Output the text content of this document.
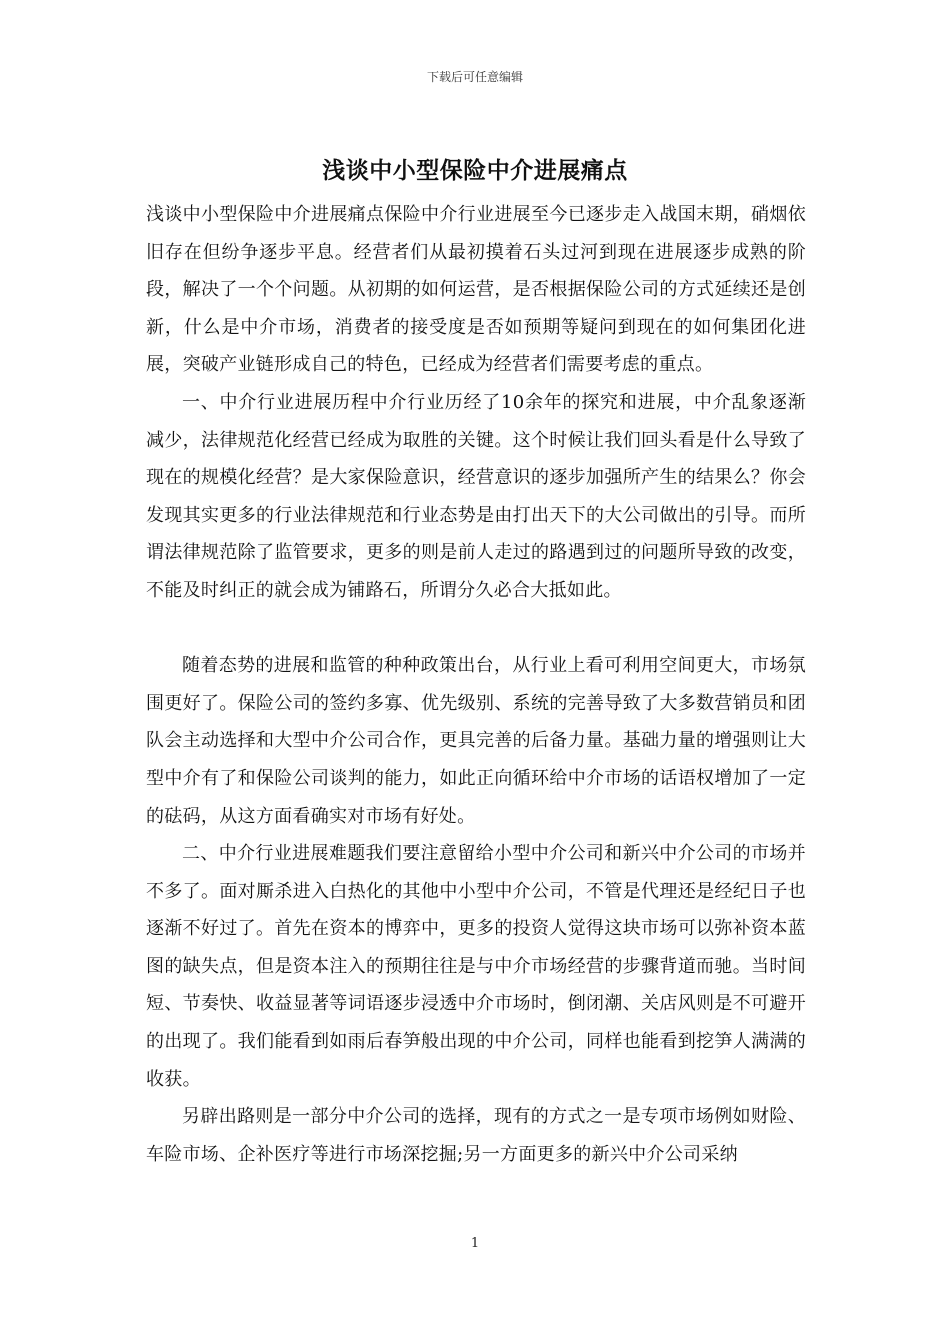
下载后可任意编辑
浅谈中小型保险中介进展痛点

浅谈中小型保险中介进展痛点保险中介行业进展至今已逐步走入战国末期，硝烟依旧存在但纷争逐步平息。经营者们从最初摸着石头过河到现在进展逐步成熟的阶段，解决了一个个问题。从初期的如何运营，是否根据保险公司的方式延续还是创新，什么是中介市场，消费者的接受度是否如预期等疑问到现在的如何集团化进展，突破产业链形成自己的特色，已经成为经营者们需要考虑的重点。

一、中介行业进展历程中介行业历经了10余年的探究和进展，中介乱象逐渐减少，法律规范化经营已经成为取胜的关键。这个时候让我们回头看是什么导致了现在的规模化经营？是大家保险意识，经营意识的逐步加强所产生的结果么？你会发现其实更多的行业法律规范和行业态势是由打出天下的大公司做出的引导。而所谓法律规范除了监管要求，更多的则是前人走过的路遇到过的问题所导致的改变，不能及时纠正的就会成为铺路石，所谓分久必合大抵如此。

随着态势的进展和监管的种种政策出台，从行业上看可利用空间更大，市场氛围更好了。保险公司的签约多寡、优先级别、系统的完善导致了大多数营销员和团队会主动选择和大型中介公司合作，更具完善的后备力量。基础力量的增强则让大型中介有了和保险公司谈判的能力，如此正向循环给中介市场的话语权增加了一定的砝码，从这方面看确实对市场有好处。

二、中介行业进展难题我们要注意留给小型中介公司和新兴中介公司的市场并不多了。面对厮杀进入白热化的其他中小型中介公司，不管是代理还是经纪日子也逐渐不好过了。首先在资本的博弈中，更多的投资人觉得这块市场可以弥补资本蓝图的缺失点，但是资本注入的预期往往是与中介市场经营的步骤背道而驰。当时间短、节奏快、收益显著等词语逐步浸透中介市场时，倒闭潮、关店风则是不可避开的出现了。我们能看到如雨后春笋般出现的中介公司，同样也能看到挖笋人满满的收获。

另辟出路则是一部分中介公司的选择，现有的方式之一是专项市场例如财险、车险市场、企补医疗等进行市场深挖掘;另一方面更多的新兴中介公司采纳

1
